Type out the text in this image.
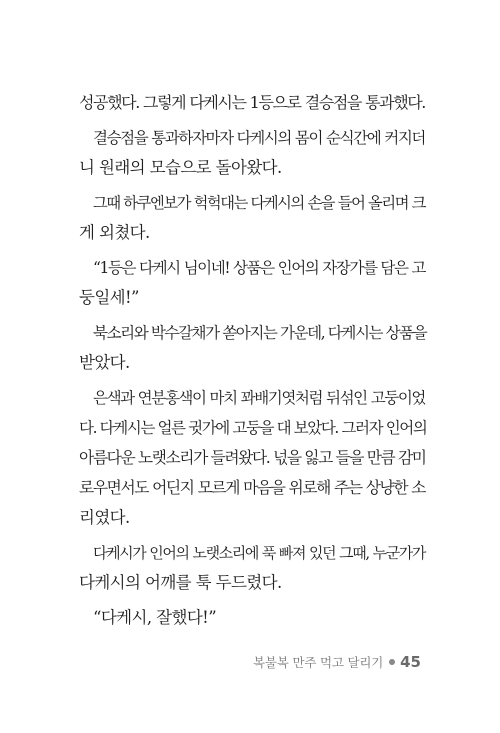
성공했다. 그렇게 다케시는 1등으로 결승점을 통과했다.

결승점을 통과하자마자 다케시의 몸이 순식간에 커지더

니 원래의 모습으로 돌아왔다.

그때 하쿠엔보가 헉헉대는 다케시의 손을 들어 올리며 크

게 외쳤다.

“1등은 다케시 님이네! 상품은 인어의 자장가를 담은 고

둥일세!”

북소리와 박수갈채가 쏟아지는 가운데, 다케시는 상품을

받았다.

은색과 연분홍색이 마치 꽈배기엿처럼 뒤섞인 고둥이었

다. 다케시는 얼른 귓가에 고둥을 대 보았다. 그러자 인어의

아름다운 노랫소리가 들려왔다. 넋을 잃고 들을 만큼 감미

로우면서도 어딘지 모르게 마음을 위로해 주는 상냥한 소

리였다.

다케시가 인어의 노랫소리에 푹 빠져 있던 그때, 누군가가

다케시의 어깨를 툭 두드렸다.

“다케시, 잘했다!”

복불복 만주 먹고 달리기 45
